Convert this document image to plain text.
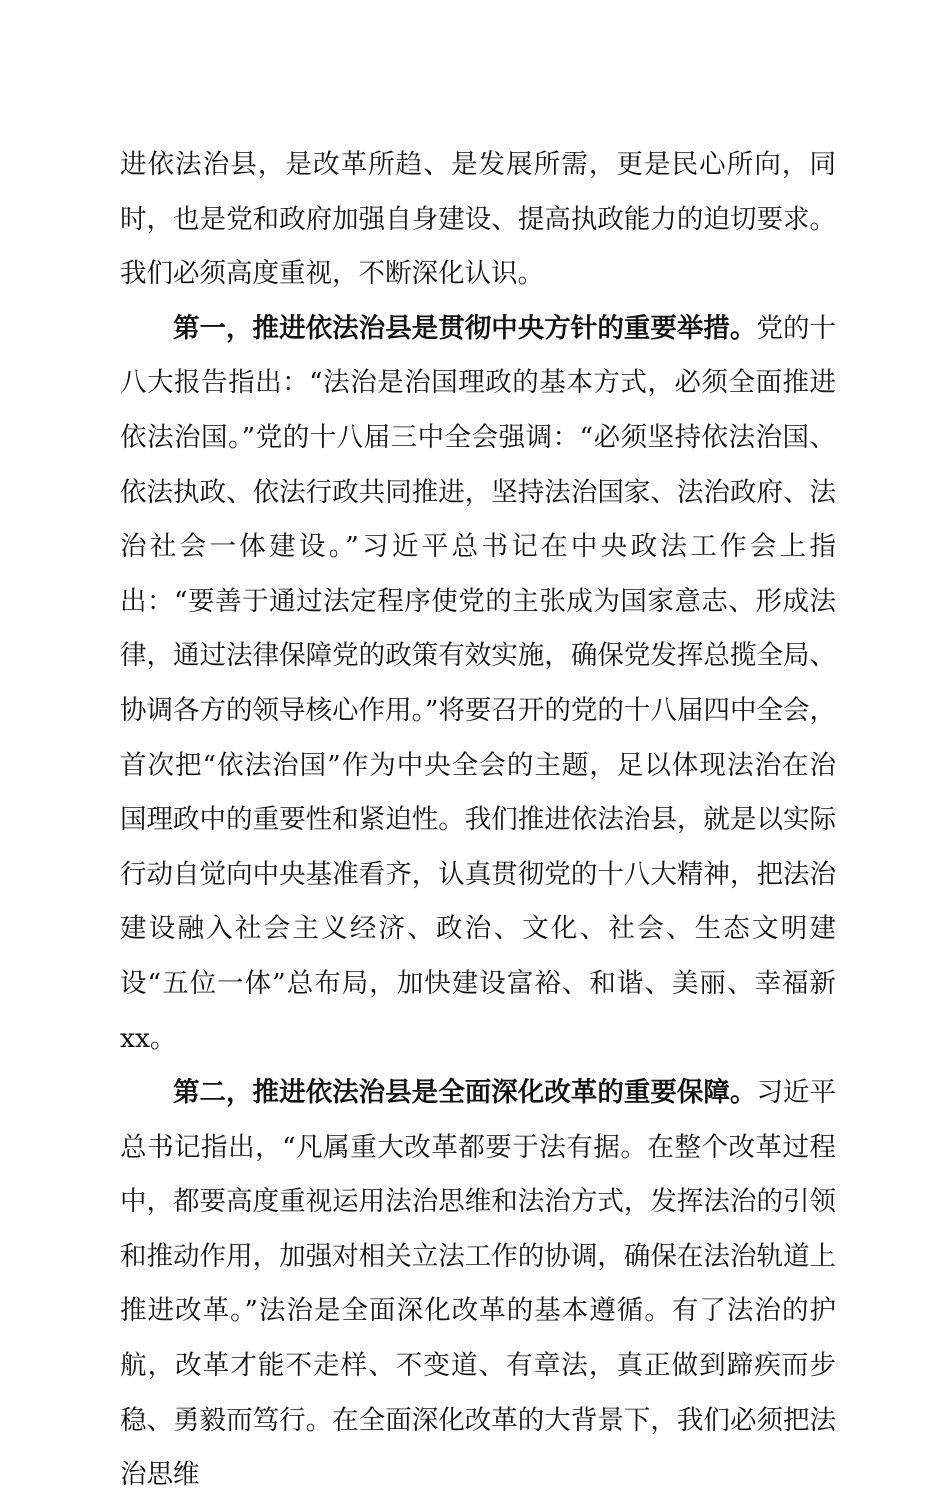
进依法治县，是改革所趋、是发展所需，更是民心所向，同时，也是党和政府加强自身建设、提高执政能力的迫切要求。我们必须高度重视，不断深化认识。

第一，推进依法治县是贯彻中央方针的重要举措。党的十八大报告指出：“法治是治国理政的基本方式，必须全面推进依法治国。”党的十八届三中全会强调：“必须坚持依法治国、依法执政、依法行政共同推进，坚持法治国家、法治政府、法治社会一体建设。”习近平总书记在中央政法工作会上指出：“要善于通过法定程序使党的主张成为国家意志、形成法律，通过法律保障党的政策有效实施，确保党发挥总揽全局、协调各方的领导核心作用。”将要召开的党的十八届四中全会，首次把“依法治国”作为中央全会的主题，足以体现法治在治国理政中的重要性和紧迫性。我们推进依法治县，就是以实际行动自觉向中央基准看齐，认真贯彻党的十八大精神，把法治建设融入社会主义经济、政治、文化、社会、生态文明建设“五位一体”总布局，加快建设富裕、和谐、美丽、幸福新xx。

第二，推进依法治县是全面深化改革的重要保障。习近平总书记指出，“凡属重大改革都要于法有据。在整个改革过程中，都要高度重视运用法治思维和法治方式，发挥法治的引领和推动作用，加强对相关立法工作的协调，确保在法治轨道上推进改革。”法治是全面深化改革的基本遵循。有了法治的护航，改革才能不走样、不变道、有章法，真正做到蹄疾而步稳、勇毅而笃行。在全面深化改革的大背景下，我们必须把法治思维
